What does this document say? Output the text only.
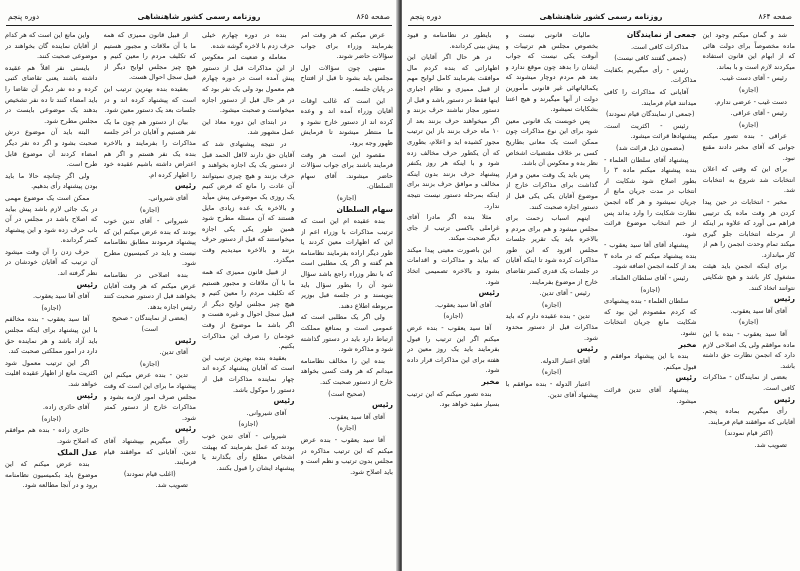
صفحه ۸۶۵
روزنامه رسمی کشور شاهنشاهی
دوره پنجم

عرض میکنم که هر وقت امر بفرمایند وزراء برای جواب سؤالات حاضر شوند.

منتهی چون سؤالات اول مجلس باید بشود تا قبل از افتتاح در پایان جلسه.

این است که غالب اوقات آقایان وزراء آمده اند و وعده کرده اند از دستور خارج نشود و ما منتظر میشوند تا فرمایش ظهور وجه برود.

مقصود این است هر وقت فرمایند باشند برای جواب سؤالات حاضر میشوند. آقای سهام السلطان.

(اجازه)

سهام السلطان

بنده عقیده ام این است که ترتیب مذاکرات با وزراء اعم از این که اظهارات معین کردند یا طور دیگر اراده بفرمایند نظامنامه هم گفته و اگر یک مطلبی است که با نظر وزراء راجع باشد سؤال شود آن را بطور سؤال باید بنویسند و در جلسه قبل بوزیر مربوطه اطلاع دهند.

ولی اگر یک مطلبی است که عمومی است و بمنافع مملکت ارتباط دارد باید در دستور گذاشته شود و مذاکره شود.

بنده این را مخالف نظامنامه میدانم که هر وقت کسی بخواهد خارج از دستور صحبت کند.

(صحیح است)

رئیس

آقای آقا سید یعقوب.

(اجازه)

آقا سید یعقوب - بنده عرض میکنم که این ترتیب مذاکره در مجلس بدون ترتیب و نظم است و باید اصلاح شود.

بنده در دوره چهارم خیلی حرف زدم با لاخره گوشه شده.

معامله و ضعیت امر معکوس از این مذاکرات قبل از دستور پیش آمده است در دوره چهارم هم معمول بود ولی یک نفر بود که در هر حال قبل از دستور اجازه میخواست و صحبت میشود.

در ابتدای این دوره معاذ این عمل مشهور شد.

در نتیجه پیشنهادی شد که آقایان حق دارند لااقل الحمد قبل از دستور یک یک اجازه بخواهند و حرف بزنند و هیچ چیزی نمیتوانند آن عادت را مانع که فرض کنیم یک روزی یک موضوعی پیش میآید و بالاخره یک عده زیادی مایل هستند که آن مسئله مطرح شود همین طور یکی یکی اجازه میخواستند که قبل از دستور حرف بزنند و بالاخره میدیدیم وقت میگذرد.

از قبیل قانون ممیزی که همه ما با آن ملاقات و مجبور هستیم که تکلیف مردم را معین کنیم و هیچ چیز مجلس لوایح دیگر از قبیل سجل احوال و غیره هست و اگر باشد ما موضوع از وقت خودمان را صرف این مذاکرات بکنیم.

بعقیده بنده بهترین ترتیب این است که آقایان پیشنهاد کرده اند چهار نماینده مذاکرات قبل از دستور را موکول باشد.

رئیس

آقای شیروانی.

(اجازه)

شیروانی - آقای تدین خوب بودند که عمل بفرمایند که بهیئت اشخاص مطلع رأی بگذارند یا پیشنهاد ایشان را قبول بکنند.

از قبیل قانون ممیزی که همه ما با آن ملاقات و مجبور هستیم که تکلیف مردم را معین کنیم و هیچ چیز مجلس لوایح دیگر از قبیل سجل احوال هست.

بعقیده بنده بهترین ترتیب این است که پیشنهاد کرده اند و در جلسات بعد یک دستور معین شود.

بیان از دستور هم چون ما یک نفر هستیم و آقایان در آخر جلسه مذاکرات را بفرمایند و بالاخره بنده یک نفر هستم و اگر هم اعتراض داشته باشیم عقیده خود را اظهار کرده ام.

رئیس

آقای شیروانی.

(اجازه)

شیروانی - آقای تدین خوب بودند که بنده عرض میکنم این که پیشنهاد فرمودند مطابق نظامنامه نیست و باید در کمیسیون مطرح شود.

بنده اصلاحی در نظامنامه عرض میکنم که هر وقت آقایان بخواهند قبل از دستور صحبت کنند رئیس اجازه بدهد.

(بعضی از نمایندگان - صحیح است)

رئیس

آقای تدین.

(اجازه)

تدین - بنده عرض میکنم این پیشنهاد ما برای این است که وقت مجلس صرف امور لازمه بشود و مذاکرات خارج از دستور کمتر شود.

رئیس

رأی میگیریم بپیشنهاد آقای تدین. آقایانی که موافقند قیام فرمایند.

(اغلب قیام نمودند)

تصویب شد.

واین مانع این است که هر کدام از آقایان نماینده گان بخواهند در موضوعی صحبت کنند.

بایستی نفر اقلاً هم عقیده داشته باشند یعنی تقاضای کتبی کرده و ده نفر دیگر آن تقاضا را باید امضاء کنند تا ده نفر تشخیص بدهند یک موضوعی بایست در مجلس مطرح شود.

البته باید آن موضوع درش صحبت بشود و اگر ده نفر دیگر امضاء کردند آن موضوع قابل طرح است.

ولی اگر چنانچه حالا ما باید بودن پیشنهاد رأی بدهیم.

ممکن است یک موضوع مهمی در یک جائی لازم باشد پیش بیاید که اصلاح باشد در مجلس در آن باب حرف زده شود و این پیشنهاد کمتر گردانده.

حرف زدن را آن وقت میشود آن ترتیب که آقایان خودشان در نظر گرفته اند.

رئیس

آقای آقا سید یعقوب.

(اجازه)

آقا سید یعقوب - بنده مخالفم با این پیشنهاد برای اینکه مجلس باید آزاد باشد و هر نماینده حق دارد در امور مملکتی صحبت کند.

اگر این ترتیب معمول شود اکثریت مانع از اظهار عقیده اقلیت خواهد شد.

رئیس

آقای حائری زاده.

(اجازه)

حائری زاده - بنده هم موافقم که اصلاح شود.

عدل الملک

بنده عرض میکنم که این موضوع باید بکمیسیون نظامنامه برود و در آنجا مطالعه شود.

صفحه ۸۶۴
روزنامه رسمی کشور شاهنشاهی
دوره پنجم

شد و گمان میکنم وجود این ماده مخصوصاً برای دولت هائی که از ابهام این قانون استفاده میکردند لازم است و با بماند.

رئیس - آقای دست غیب.

(اجازه)

دست غیب - عرضی ندارم.

رئیس - آقای عراقی.

(اجازه)

عراقی - بنده تصور میکنم جوابی که آقای مخبر دادند مقنع نبود.

برای این که وقتی که اعلان انتخابات شد شروع به انتخابات شد.

مخبر - انتخابات در حین پیدا کردن هر وقت ماده یک ترتیبی فراهم می آورد که علاوه بر اینکه از مرحله انتخابات جلو گیری میکند تمام وحدت انجمن را هم از کار میاندازد.

برای اینکه انجمن باید هیئت مشغول کار باشد و هیچ شکایتی نتوانند اتخاذ کنند.

رئیس

آقای آقا سید یعقوب.

(اجازه)

آقا سید یعقوب - بنده با این ماده موافقم ولی یک اصلاحی لازم دارد که انجمن نظارت حق داشته باشد.

بعضی از نمایندگان - مذاکرات کافی است.

رئیس

رأی میگیریم بماده پنجم. آقایانی که موافقند قیام فرمایند.

(اکثر قیام نمودند)

تصویب شد.

جمعی از نمایندگان

مذاکرات کافی است.

(جمعی گفتند کافی نیست)

رئیس - رأی میگیریم بکفایت مذاکرات.

آقایانی که مذاکرات را کافی میدانند قیام فرمایند.

(جمعی از نمایندگان قیام نمودند)

رئیس - اکثریت است. پیشنهادها قرائت میشود.

(مضمون ذیل قرائت شد)

پیشنهاد آقای سلطان العلماء - بنده پیشنهاد میکنم ماده ۳ را بطور اصلاح شود شکایت از انتخاب در مدت جریان مانع از جریان نمیشود و هر گاه انجمن نظارت شکایت را وارد بداند پس از ختم انتخاب موضوع قرائت شود.

پیشنهاد آقای آقا سید یعقوب - بنده پیشنهاد میکنم که در ماده ۳ بعد از کلمه انجمن اضافه شود.

رئیس - آقای سلطان العلماء.

(اجازه)

سلطان العلماء - بنده پیشنهادی که کردم مقصودم این بود که شکایت مانع جریان انتخابات نشود.

مخبر

بنده با این پیشنهاد موافقم و قبول میکنم.

رئیس

پیشنهاد آقای تدین قرائت میشود.

مالیات قانونی نیست و بخصوص مجلس هم ترتیبات و آنوقت یکی نیست که جواب ایشان را بدهد چون موقع ندارد و بعد هم مردم دوچار میشوند که یکمالیاتهائی غیر قانونی مأمورین دولت از آنها میگیرند و هیچ اعتنا بشکایات نمیشود.

پس خوبست یک قانونی معین شود برای این نوع مذاکرات چون ممکن است یک معانی بطاریخ کسی بر خلاف مقتضیات اشخاص نظر بده و معکوس آن باشد.

پس باید یک وقت معین و قرار گذاشت برای مذاکرات خارج از موضوع آقایان یکی یکی قبل از دستور اجازه صحبت کنند.

اینهم اسباب زحمت برای مجلس میشود و هم برای مردم و بالاخره باید یک تقریر جلسات مجلس افزود که این طور مذاکرات کرده شود تا اینکه آقایان در جلسات یک قدری کمتر تقاضای خارج از موضوع بفرمایند.

رئیس - آقای تدین.

(اجازه)

تدین - بنده عقیده دارم که باید مذاکرات قبل از دستور محدود شود.

رئیس

آقای اعتبار الدوله.

(اجازه)

اعتبار الدوله - بنده موافقم با پیشنهاد آقای تدین.

بایطور در نظامنامه و قیود پیش بینی کردانده.

در هر حال اگر آقایان این اظهاراتی که بنده کردم مال موافقت بفرمایند کامل لوایح مهم از قبیل ممیزی و نظام اجباری اینها فقط در دستور باشد و قبل از دستور مجاز نباشند حرف بزنند و اگر میخواهند حرف بزنند بعد از ۱۰ ماه حرف بزنند باز این ترتیب مجوز کشیده اید و اعلام، بطوری که آن یکطور حرف مخالف زده شود و با اینکه هر روز یکنفر پیشنهاد حرف بزنند بدون اینکه مخالف و موافق حرف بزنند برای اینکه بمرحله دستور نیست نتیجه ندارد.

مثلا بنده اگر مادرا آقای غراملی باکسی ترتیب از جای دیگر صحبت میکند.

این باصورت معینی پیدا میکند که بیاید و مذاکرات و اقدامات بشود و بالاخره تصمیمی اتخاذ شود.

رئیس

آقای آقا سید یعقوب.

(اجازه)

آقا سید یعقوب - بنده عرض میکنم اگر این ترتیب را قبول بفرمایند باید یک روز معین در هفته برای این مذاکرات قرار داده شود.

مخبر

بنده تصور میکنم که این ترتیب بسیار مفید خواهد بود.
